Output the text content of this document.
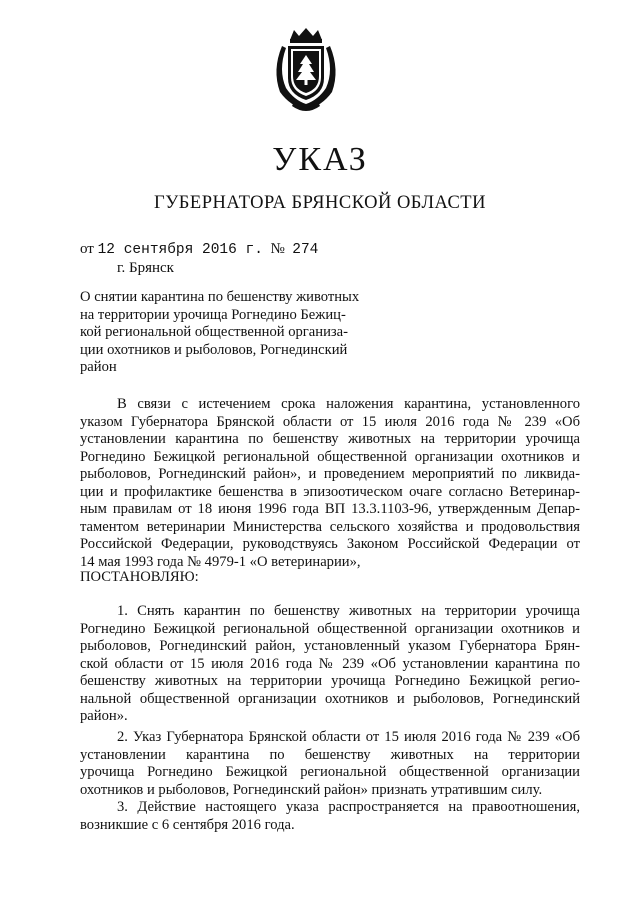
УКАЗ
ГУБЕРНАТОРА БРЯНСКОЙ ОБЛАСТИ
от 12 сентября 2016 г. № 274
г. Брянск
О снятии карантина по бешенству животных
на территории урочища Рогнедино Бежиц-
кой региональной общественной организа-
ции охотников и рыболовов, Рогнединский
район
В связи с истечением срока наложения карантина, установленного
указом Губернатора Брянской области от 15 июля 2016 года № 239 «Об
установлении карантина по бешенству животных на территории урочища
Рогнедино Бежицкой региональной общественной организации охотников и
рыболовов, Рогнединский район», и проведением мероприятий по ликвида-
ции и профилактике бешенства в эпизоотическом очаге согласно Ветеринар-
ным правилам от 18 июня 1996 года ВП 13.3.1103-96, утвержденным Депар-
таментом ветеринарии Министерства сельского хозяйства и продовольствия
Российской Федерации, руководствуясь Законом Российской Федерации от
14 мая 1993 года № 4979-1 «О ветеринарии»,
ПОСТАНОВЛЯЮ:
1. Снять карантин по бешенству животных на территории урочища
Рогнедино Бежицкой региональной общественной организации охотников и
рыболовов, Рогнединский район, установленный указом Губернатора Брян-
ской области от 15 июля 2016 года № 239 «Об установлении карантина по
бешенству животных на территории урочища Рогнедино Бежицкой регио-
нальной общественной организации охотников и рыболовов, Рогнединский
район».
2. Указ Губернатора Брянской области от 15 июля 2016 года № 239 «Об
установлении карантина по бешенству животных на территории
урочища Рогнедино Бежицкой региональной общественной организации
охотников и рыболовов, Рогнединский район» признать утратившим силу.
3. Действие настоящего указа распространяется на правоотношения,
возникшие с 6 сентября 2016 года.
